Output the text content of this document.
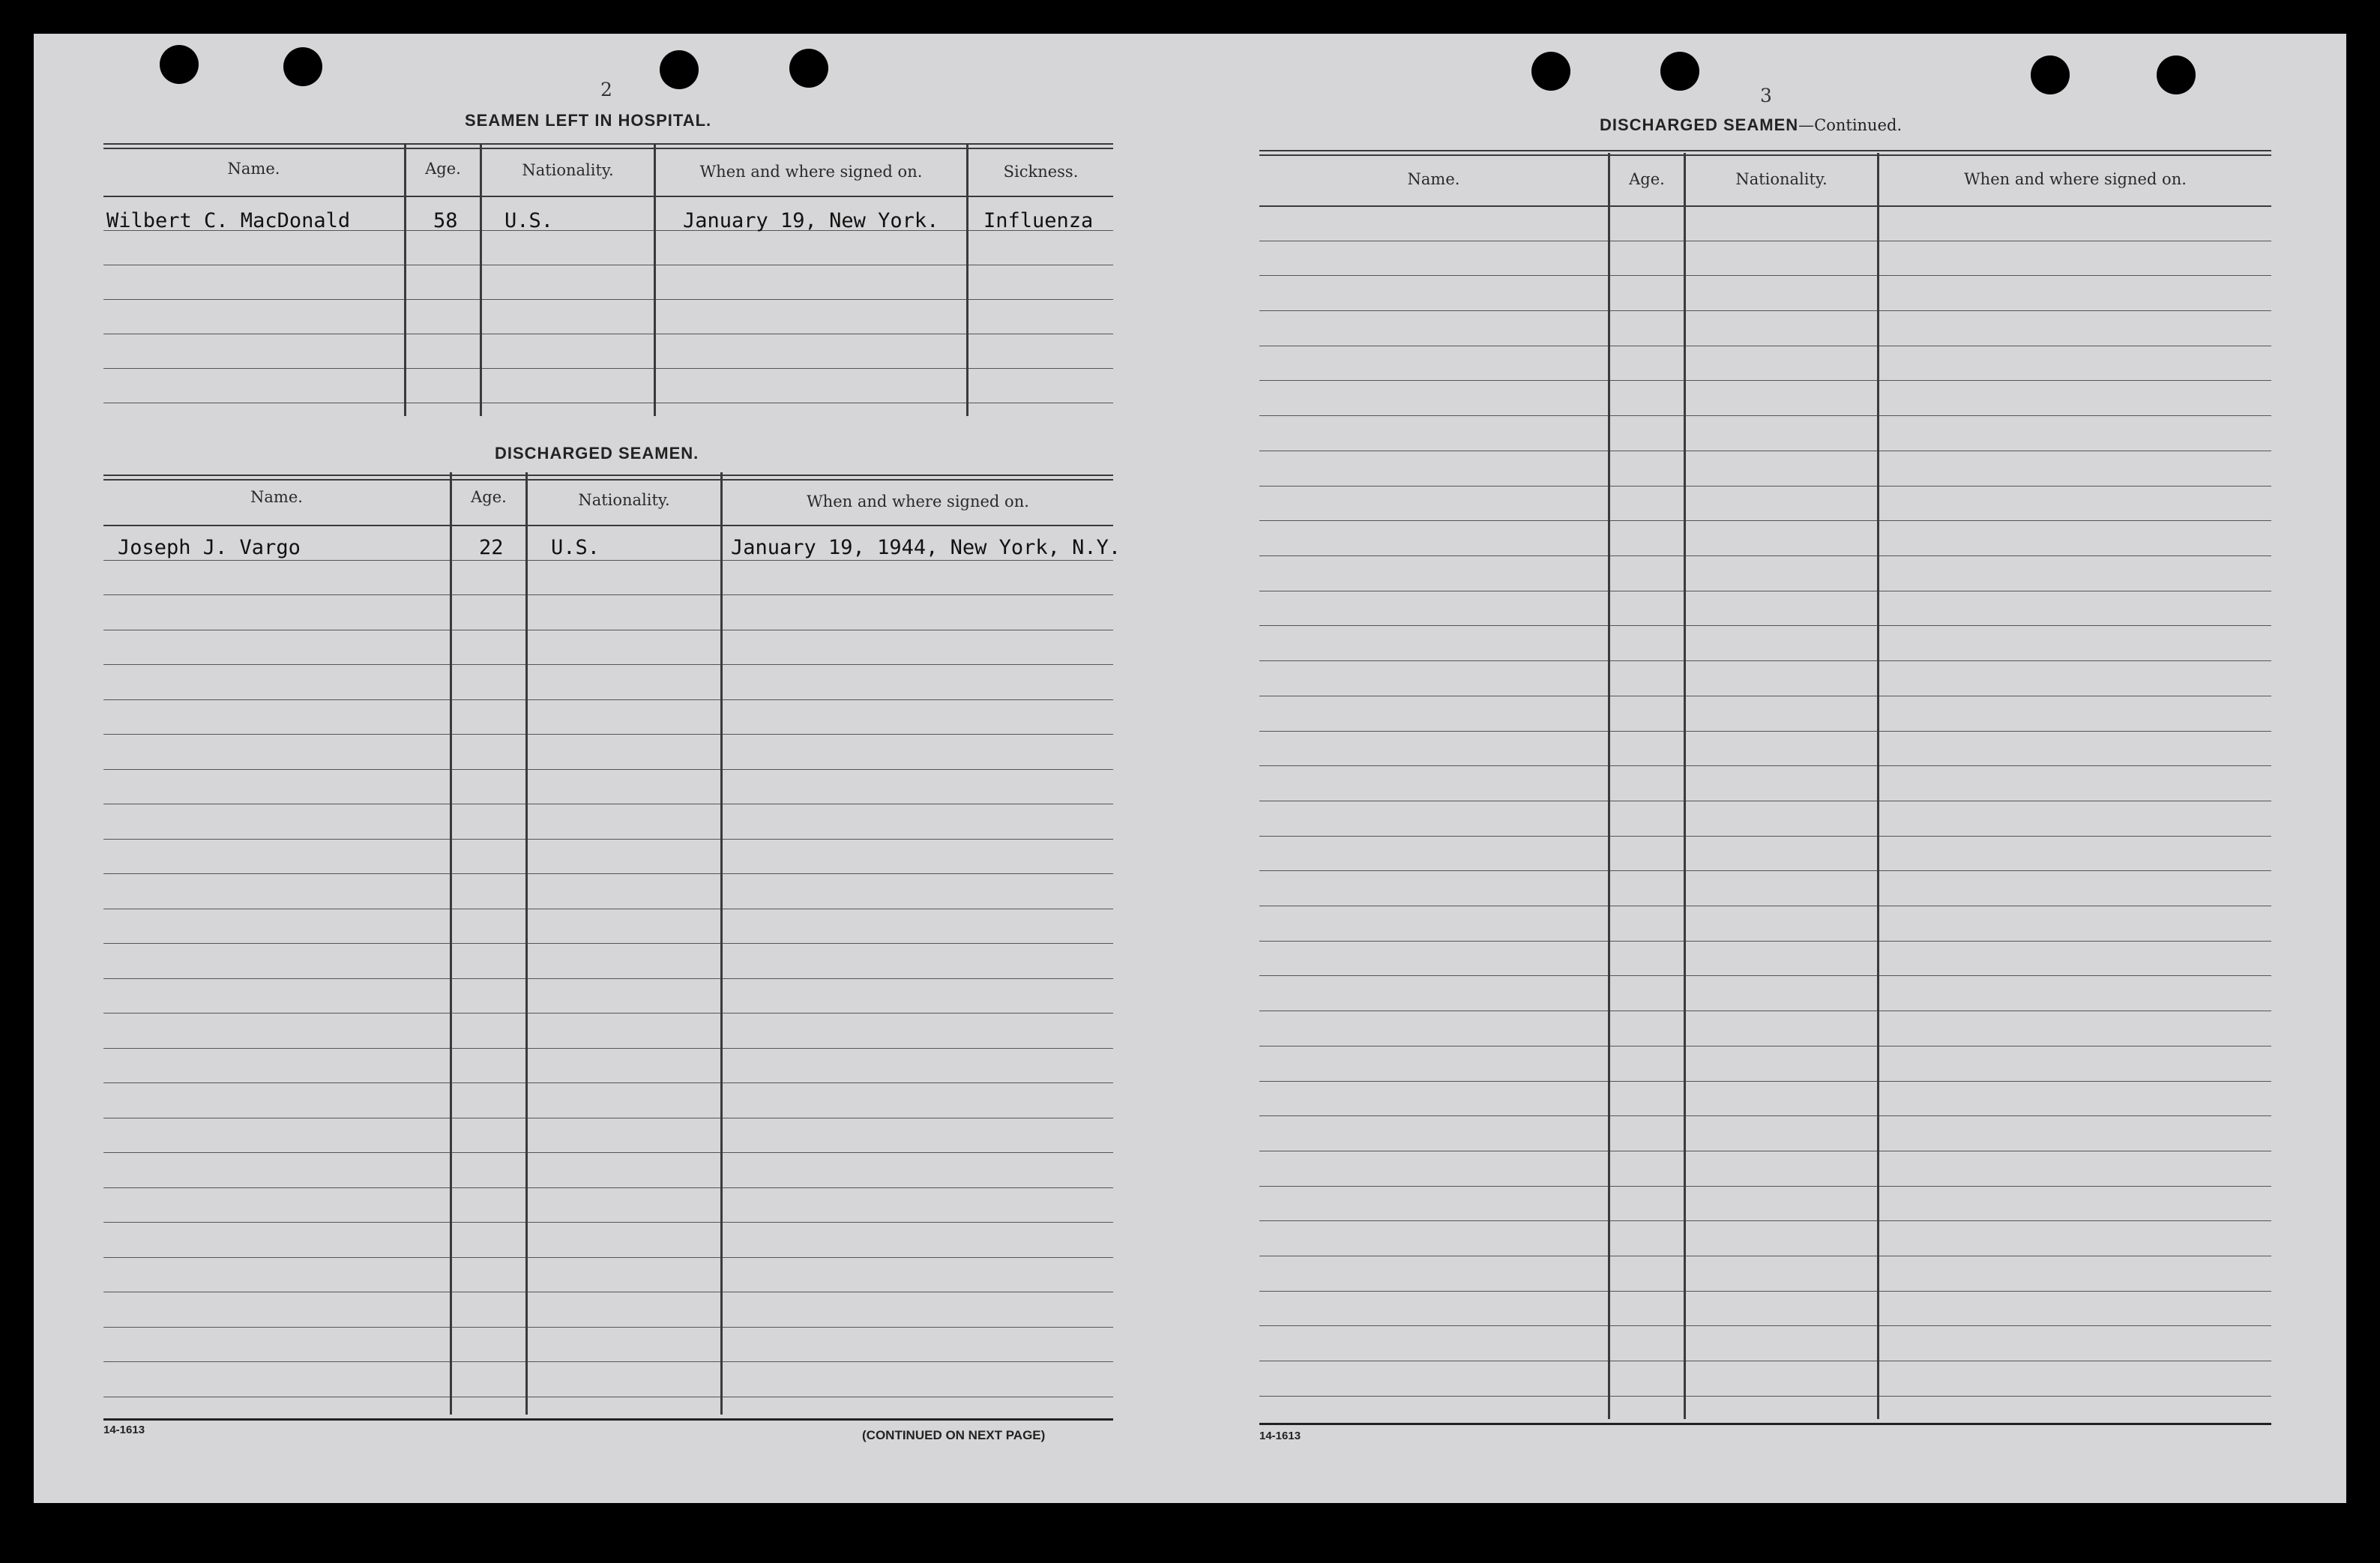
2
SEAMEN LEFT IN HOSPITAL.
Name.	Age.	Nationality.	When and where signed on.	Sickness.
Wilbert C. MacDonald	58 U.S.	January 19, New York. Influenza
DISCHARGED SEAMEN.
Name.	Age.	Nationality.	When and where signed on.
Joseph J. Vargo	22 U.S.	January 19, 1944, New York, N.Y.
14-1613	(CONTINUED ON NEXT PAGE)
3
DISCHARGED SEAMEN—Continued.
Name.	Age.	Nationality.	When and where signed on.
14-1613
